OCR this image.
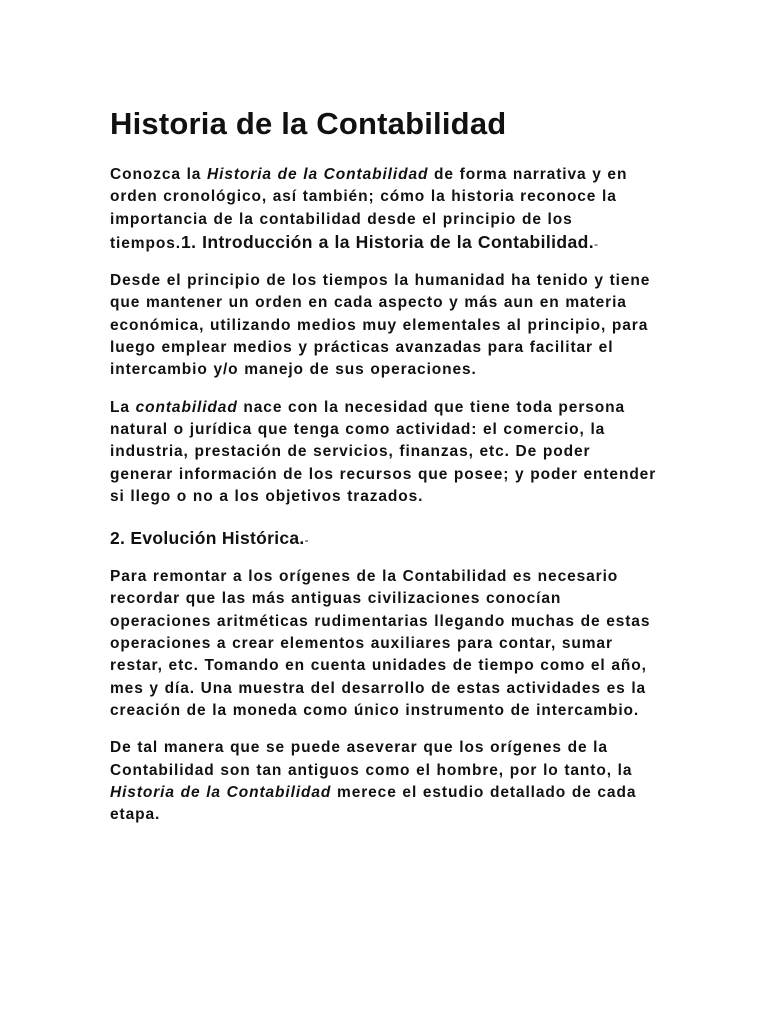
Historia de la Contabilidad

Conozca la Historia de la Contabilidad de forma narrativa y en orden cronológico, así también; cómo la historia reconoce la importancia de la contabilidad desde el principio de los tiempos.1. Introducción a la Historia de la Contabilidad.-

Desde el principio de los tiempos la humanidad ha tenido y tiene que mantener un orden en cada aspecto y más aun en materia económica, utilizando medios muy elementales al principio, para luego emplear medios y prácticas avanzadas para facilitar el intercambio y/o manejo de sus operaciones.

La contabilidad nace con la necesidad que tiene toda persona natural o jurídica que tenga como actividad: el comercio, la industria, prestación de servicios, finanzas, etc. De poder generar información de los recursos que posee; y poder entender si llego o no a los objetivos trazados.

2. Evolución Histórica.-

Para remontar a los orígenes de la Contabilidad es necesario recordar que las más antiguas civilizaciones conocían operaciones aritméticas rudimentarias llegando muchas de estas operaciones a crear elementos auxiliares para contar, sumar restar, etc. Tomando en cuenta unidades de tiempo como el año, mes y día. Una muestra del desarrollo de estas actividades es la creación de la moneda como único instrumento de intercambio.

De tal manera que se puede aseverar que los orígenes de la Contabilidad son tan antiguos como el hombre, por lo tanto, la Historia de la Contabilidad merece el estudio detallado de cada etapa.
